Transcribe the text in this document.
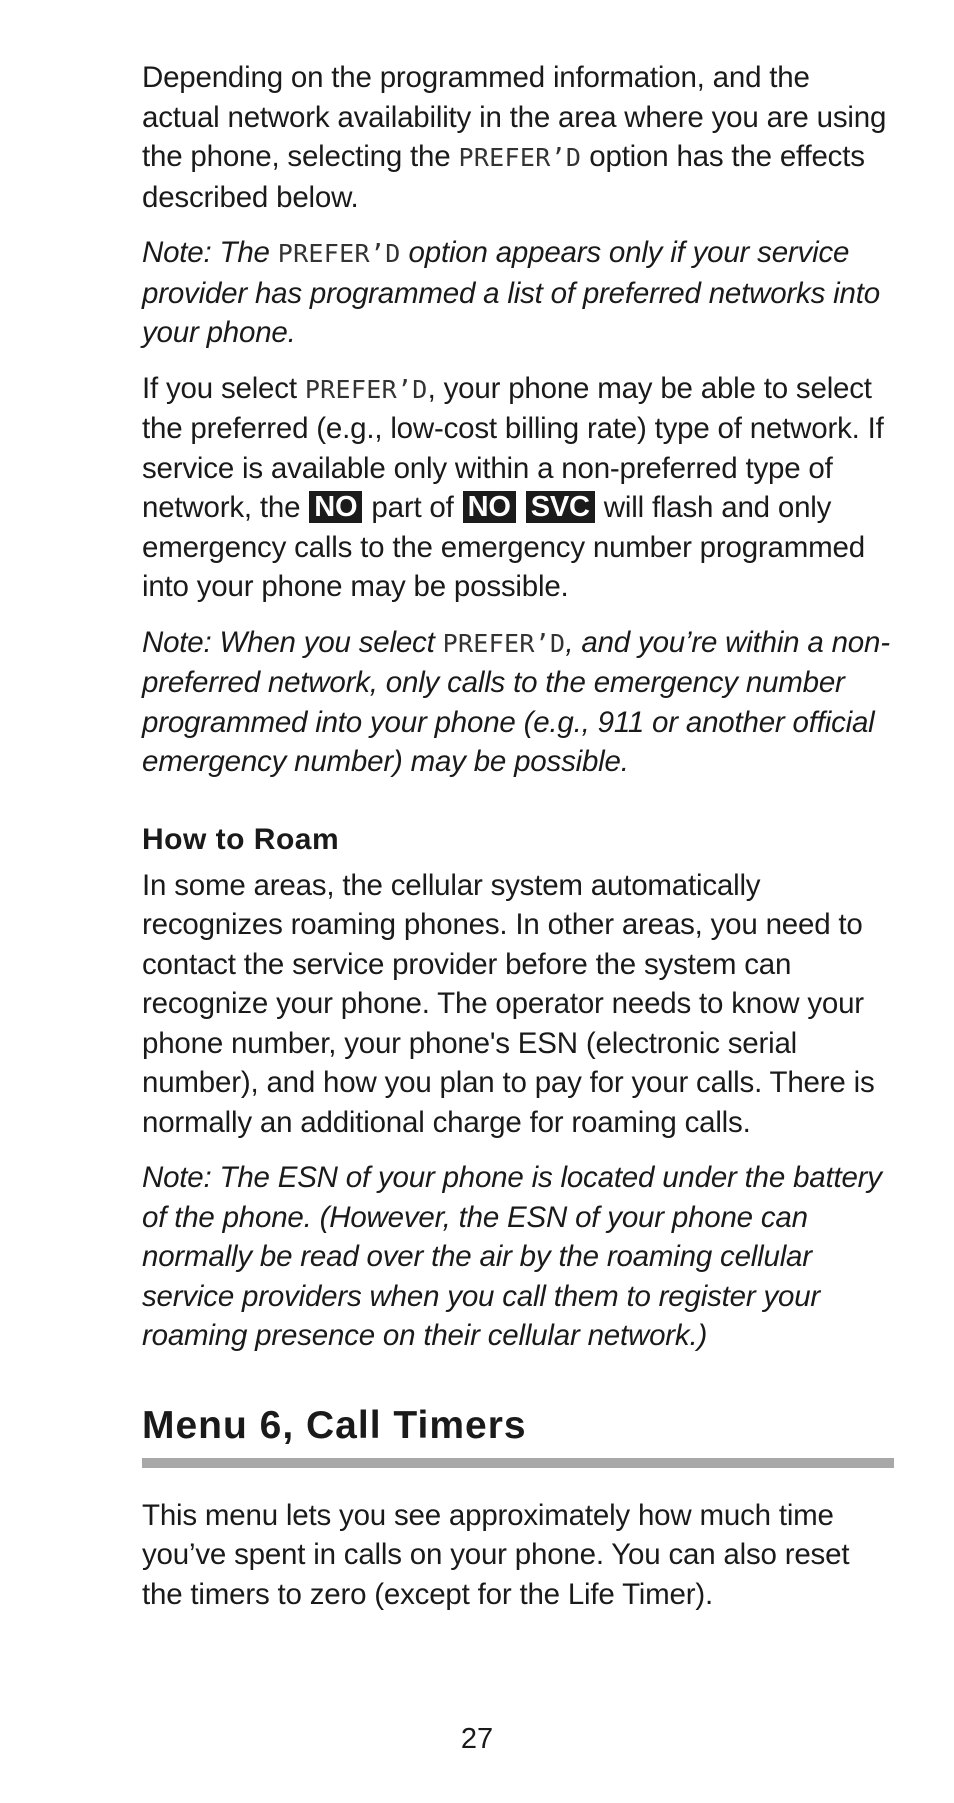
Depending on the programmed information, and the actual network availability in the area where you are using the phone, selecting the PREFER’D option has the effects described below.

Note: The PREFER’D option appears only if your service provider has programmed a list of preferred networks into your phone.

If you select PREFER’D, your phone may be able to select the preferred (e.g., low-cost billing rate) type of network. If service is available only within a non-preferred type of network, the NO part of NO SVC will flash and only emergency calls to the emergency number programmed into your phone may be possible.

Note: When you select PREFER’D, and you’re within a non-preferred network, only calls to the emergency number programmed into your phone (e.g., 911 or another official emergency number) may be possible.

How to Roam

In some areas, the cellular system automatically recognizes roaming phones. In other areas, you need to contact the service provider before the system can recognize your phone. The operator needs to know your phone number, your phone's ESN (electronic serial number), and how you plan to pay for your calls. There is normally an additional charge for roaming calls.

Note: The ESN of your phone is located under the battery of the phone. (However, the ESN of your phone can normally be read over the air by the roaming cellular service providers when you call them to register your roaming presence on their cellular network.)

Menu 6, Call Timers

This menu lets you see approximately how much time you’ve spent in calls on your phone. You can also reset the timers to zero (except for the Life Timer).

27
